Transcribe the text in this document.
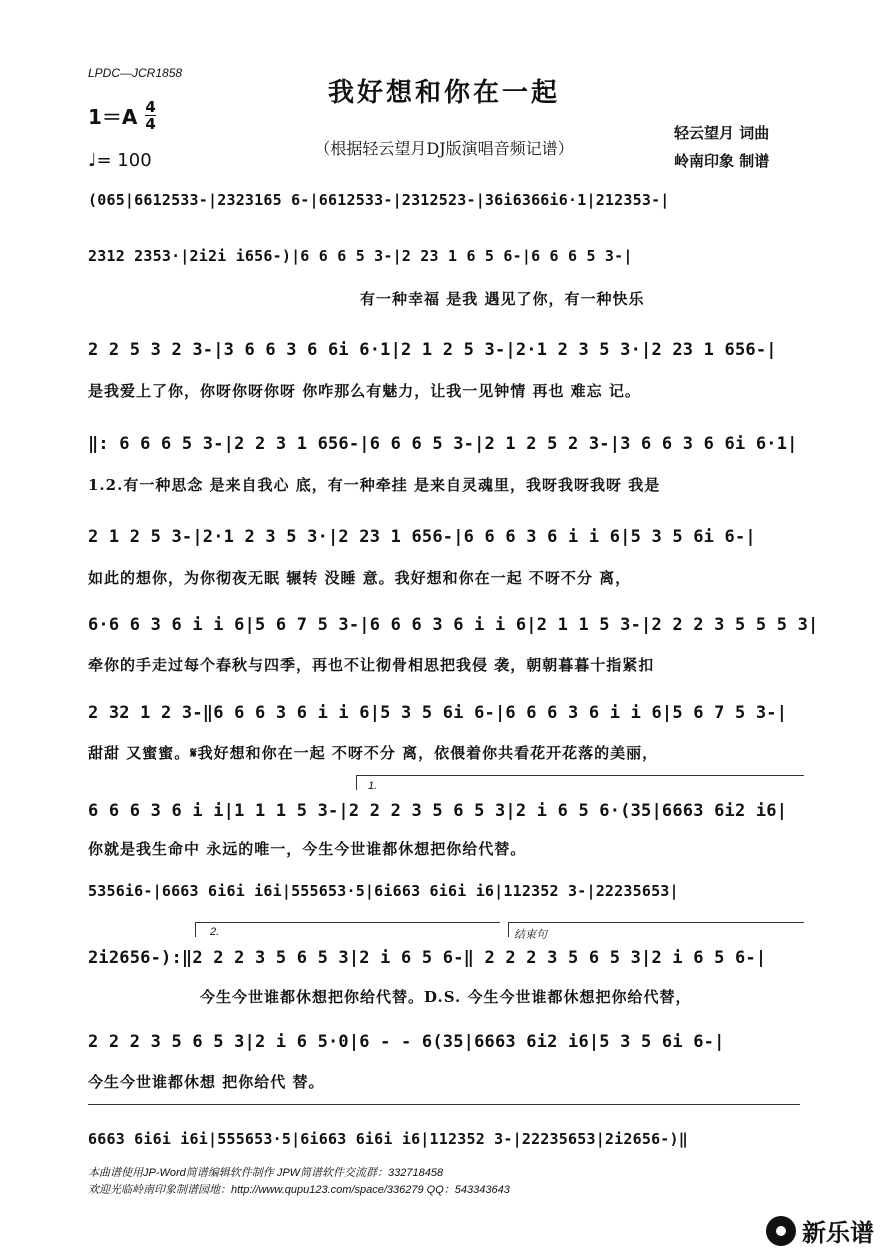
LPDC—JCR1858
我好想和你在一起
1＝A 4
4
（根据轻云望月DJ版演唱音频记谱）
♩= 100
轻云望月 词曲
岭南印象 制谱
(065|6612533-|2323165 6-|6612533-|2312523-|36i6366i6·1|212353-|
2312 2353·|2i2i i656-)|6 6 6 5 3-|2 23 1 6 5 6-|6 6 6 5 3-|
有一种幸福 是我 遇见了你，有一种快乐
2 2 5 3 2 3-|3 6 6 3 6 6i 6·1|2 1 2 5 3-|2·1 2 3 5 3·|2 23 1 656-|
是我爱上了你，你呀你呀你呀 你咋那么有魅力，让我一见钟情 再也 难忘 记。
‖: 6 6 6 5 3-|2 2 3 1 656-|6 6 6 5 3-|2 1 2 5 2 3-|3 6 6 3 6 6i 6·1|
1.2.有一种思念 是来自我心 底，有一种牵挂 是来自灵魂里，我呀我呀我呀 我是
2 1 2 5 3-|2·1 2 3 5 3·|2 23 1 656-|6 6 6 3 6 i i 6|5 3 5 6i 6-|
如此的想你，为你彻夜无眠 辗转 没睡 意。我好想和你在一起 不呀不分 离，
6·6 6 3 6 i i 6|5 6 7 5 3-|6 6 6 3 6 i i 6|2 1 1 5 3-|2 2 2 3 5 5 5 3|
牵你的手走过每个春秋与四季，再也不让彻骨相思把我侵 袭，朝朝暮暮十指紧扣
2 32 1 2 3-‖6 6 6 3 6 i i 6|5 3 5 6i 6-|6 6 6 3 6 i i 6|5 6 7 5 3-|
甜甜 又蜜蜜。𝄋我好想和你在一起 不呀不分 离，依偎着你共看花开花落的美丽，
1.
6 6 6 3 6 i i|1 1 1 5 3-|2 2 2 3 5 6 5 3|2 i 6 5 6·(35|6663 6i2 i6|
你就是我生命中 永远的唯一，今生今世谁都休想把你给代替。
5356i6-|6663 6i6i i6i|555653·5|6i663 6i6i i6|112352 3-|22235653|
2.	结束句
2i2656-):‖2 2 2 3 5 6 5 3|2 i 6 5 6-‖ 2 2 2 3 5 6 5 3|2 i 6 5 6-|
今生今世谁都休想把你给代替。D.S. 今生今世谁都休想把你给代替，
2 2 2 3 5 6 5 3|2 i 6 5·0|6 - - 6(35|6663 6i2 i6|5 3 5 6i 6-|
今生今世谁都休想 把你给代 替。
6663 6i6i i6i|555653·5|6i663 6i6i i6|112352 3-|22235653|2i2656-)‖
本曲谱使用JP-Word简谱编辑软件制作 JPW简谱软件交流群：332718458
欢迎光临岭南印象制谱园地：http://www.qupu123.com/space/336279 QQ：543343643
新乐谱
